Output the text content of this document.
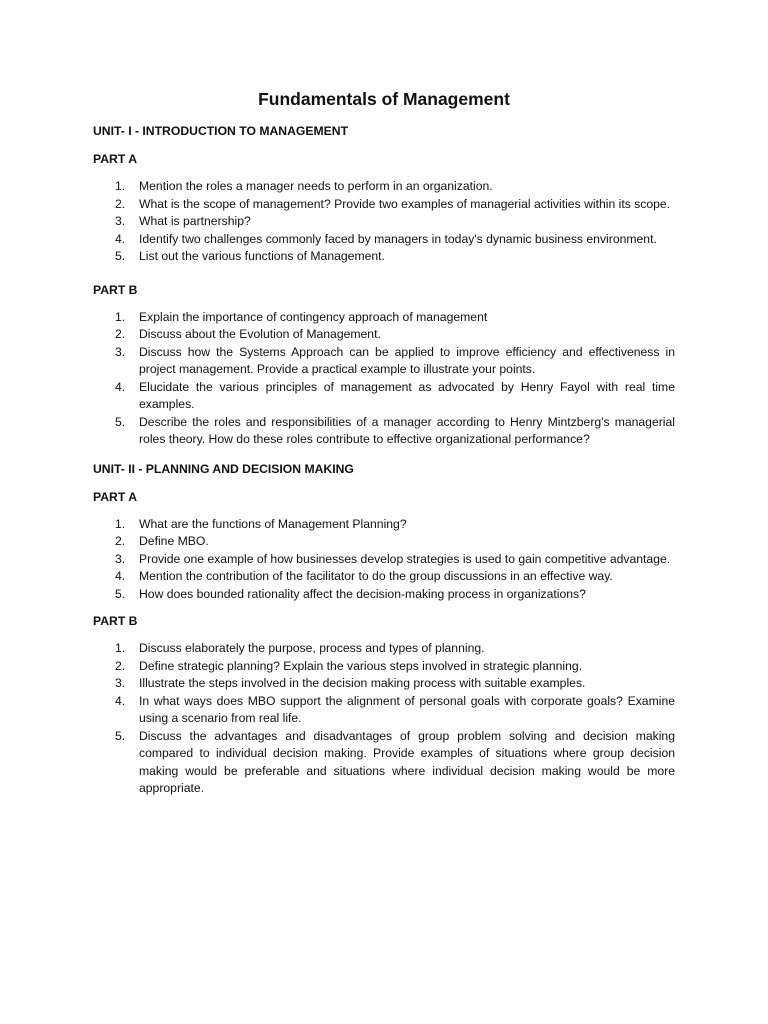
Fundamentals of Management
UNIT- I - INTRODUCTION TO MANAGEMENT
PART A
1. Mention the roles a manager needs to perform in an organization.
2. What is the scope of management? Provide two examples of managerial activities within its scope.
3. What is partnership?
4. Identify two challenges commonly faced by managers in today's dynamic business environment.
5. List out the various functions of Management.
PART B
1. Explain the importance of contingency approach of management
2. Discuss about the Evolution of Management.
3. Discuss how the Systems Approach can be applied to improve efficiency and effectiveness in project management. Provide a practical example to illustrate your points.
4. Elucidate the various principles of management as advocated by Henry Fayol with real time examples.
5. Describe the roles and responsibilities of a manager according to Henry Mintzberg's managerial roles theory. How do these roles contribute to effective organizational performance?
UNIT- II - PLANNING AND DECISION MAKING
PART A
1. What are the functions of Management Planning?
2. Define MBO.
3. Provide one example of how businesses develop strategies is used to gain competitive advantage.
4. Mention the contribution of the facilitator to do the group discussions in an effective way.
5. How does bounded rationality affect the decision-making process in organizations?
PART B
1. Discuss elaborately the purpose, process and types of planning.
2. Define strategic planning? Explain the various steps involved in strategic planning.
3. Illustrate the steps involved in the decision making process with suitable examples.
4. In what ways does MBO support the alignment of personal goals with corporate goals? Examine using a scenario from real life.
5. Discuss the advantages and disadvantages of group problem solving and decision making compared to individual decision making. Provide examples of situations where group decision making would be preferable and situations where individual decision making would be more appropriate.
